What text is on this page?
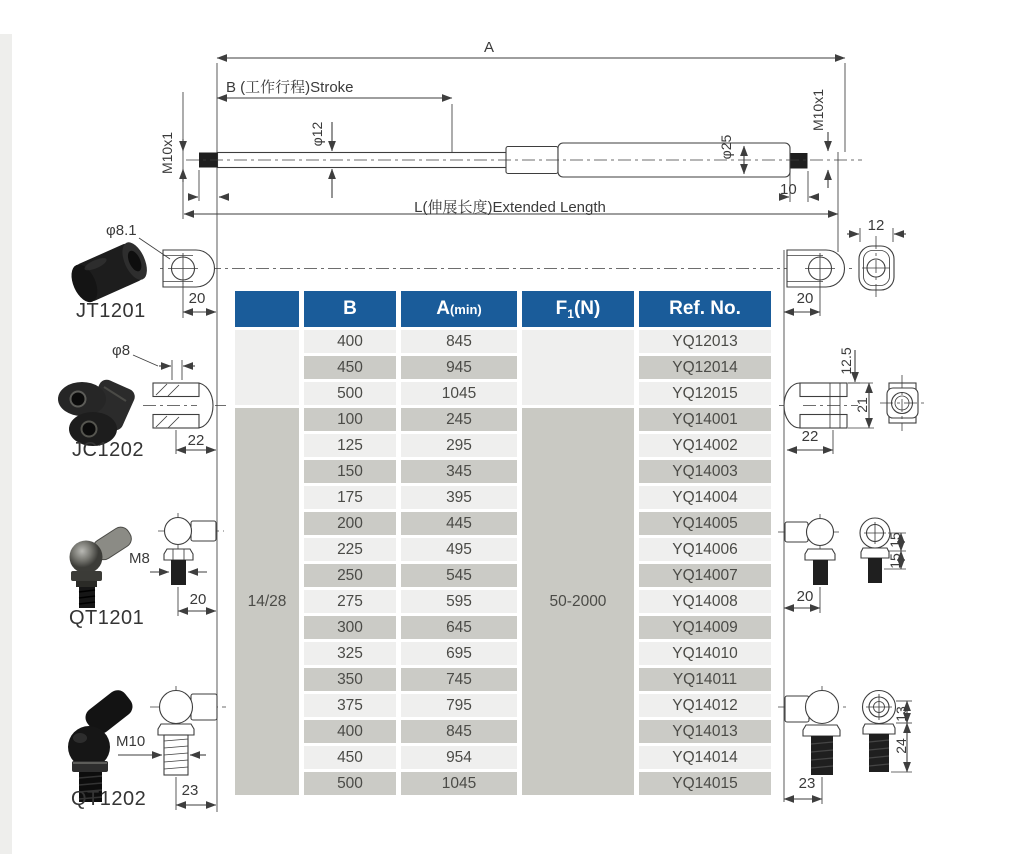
A
B (工作行程)Stroke
φ12
φ25
M10x1
M10x1
10
L(伸展长度)Extended Length
φ8.1
JT1201
20	20
12
φ8
JC1202	22	22
12.5
21
M8
QT1201
20	20
15
15
M10
QT1202	23	23
13
24
	B	A(min)	$F_1(N)$	Ref. No.
	400	845		YQ12013
	450	945		YQ12014
	500	1045		YQ12015
14/28	100	245	50-2000	YQ14001
	125	295		YQ14002
	150	345		YQ14003
	175	395		YQ14004
	200	445		YQ14005
	225	495		YQ14006
	250	545		YQ14007
	275	595		YQ14008
	300	645		YQ14009
	325	695		YQ14010
	350	745		YQ14011
	375	795		YQ14012
	400	845		YQ14013
	450	954		YQ14014
	500	1045		YQ14015
